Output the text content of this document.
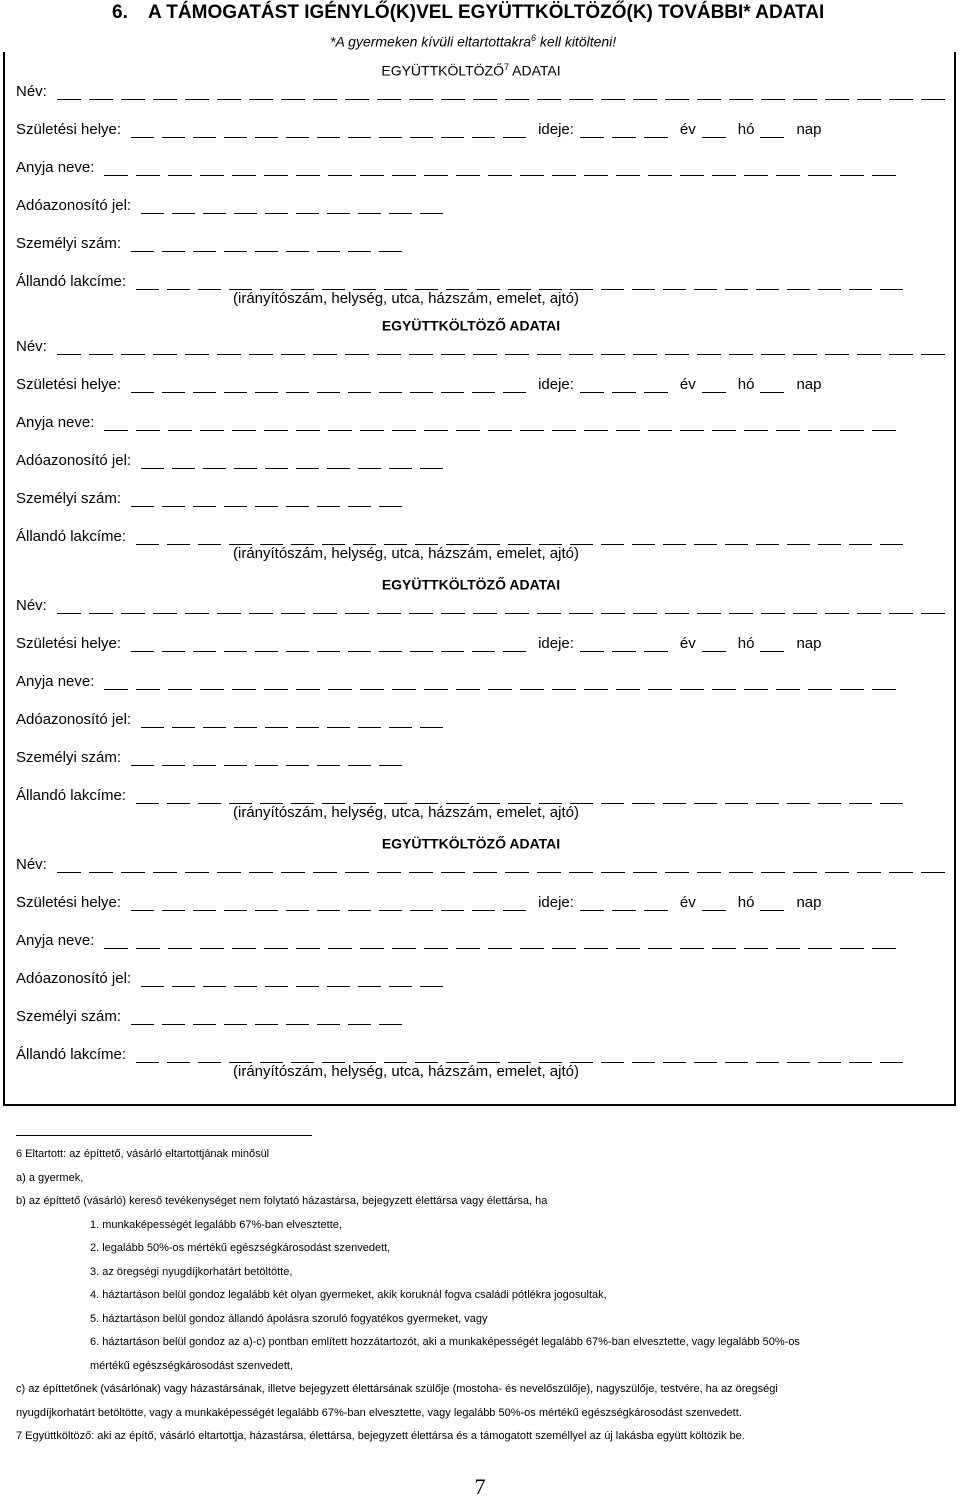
6. A TÁMOGATÁST IGÉNYLŐ(K)VEL EGYÜTTKÖLTÖZŐ(K) TOVÁBBI* ADATAI
*A gyermeken kívüli eltartottakra$^6$ kell kitölteni!
EGYÜTTKÖLTÖZŐ$^7$ ADATAI
Név:
Születési helye:	ideje:	év	hó	nap
Anyja neve:
Adóazonosító jel:
Személyi szám:
Állandó lakcíme:
(irányítószám, helység, utca, házszám, emelet, ajtó)
EGYÜTTKÖLTÖZŐ ADATAI
Név:
Születési helye:	ideje:	év	hó	nap
Anyja neve:
Adóazonosító jel:
Személyi szám:
Állandó lakcíme:
(irányítószám, helység, utca, házszám, emelet, ajtó)
EGYÜTTKÖLTÖZŐ ADATAI
Név:
Születési helye:	ideje:	év	hó	nap
Anyja neve:
Adóazonosító jel:
Személyi szám:
Állandó lakcíme:
(irányítószám, helység, utca, házszám, emelet, ajtó)
EGYÜTTKÖLTÖZŐ ADATAI
Név:
Születési helye:	ideje:	év	hó	nap
Anyja neve:
Adóazonosító jel:
Személyi szám:
Állandó lakcíme:
(irányítószám, helység, utca, házszám, emelet, ajtó)

6 Eltartott: az építtető, vásárló eltartottjának minősül

a) a gyermek,

b) az építtető (vásárló) kereső tevékenységet nem folytató házastársa, bejegyzett élettársa vagy élettársa, ha

1. munkaképességét legalább 67%-ban elvesztette,

2. legalább 50%-os mértékű egészségkárosodást szenvedett,

3. az öregségi nyugdíjkorhatárt betöltötte,

4. háztartáson belül gondoz legalább két olyan gyermeket, akik koruknál fogva családi pótlékra jogosultak,

5. háztartáson belül gondoz állandó ápolásra szoruló fogyatékos gyermeket, vagy

6. háztartáson belül gondoz az a)-c) pontban említett hozzátartozót, aki a munkaképességét legalább 67%-ban elvesztette, vagy legalább 50%-os

mértékű egészségkárosodást szenvedett,

c) az építtetőnek (vásárlónak) vagy házastársának, illetve bejegyzett élettársának szülője (mostoha- és nevelőszülője), nagyszülője, testvére, ha az öregségi

nyugdíjkorhatárt betöltötte, vagy a munkaképességét legalább 67%-ban elvesztette, vagy legalább 50%-os mértékű egészségkárosodást szenvedett.

7 Együttköltöző: aki az építő, vásárló eltartottja, házastársa, élettársa, bejegyzett élettársa és a támogatott személlyel az új lakásba együtt költözik be.

7
